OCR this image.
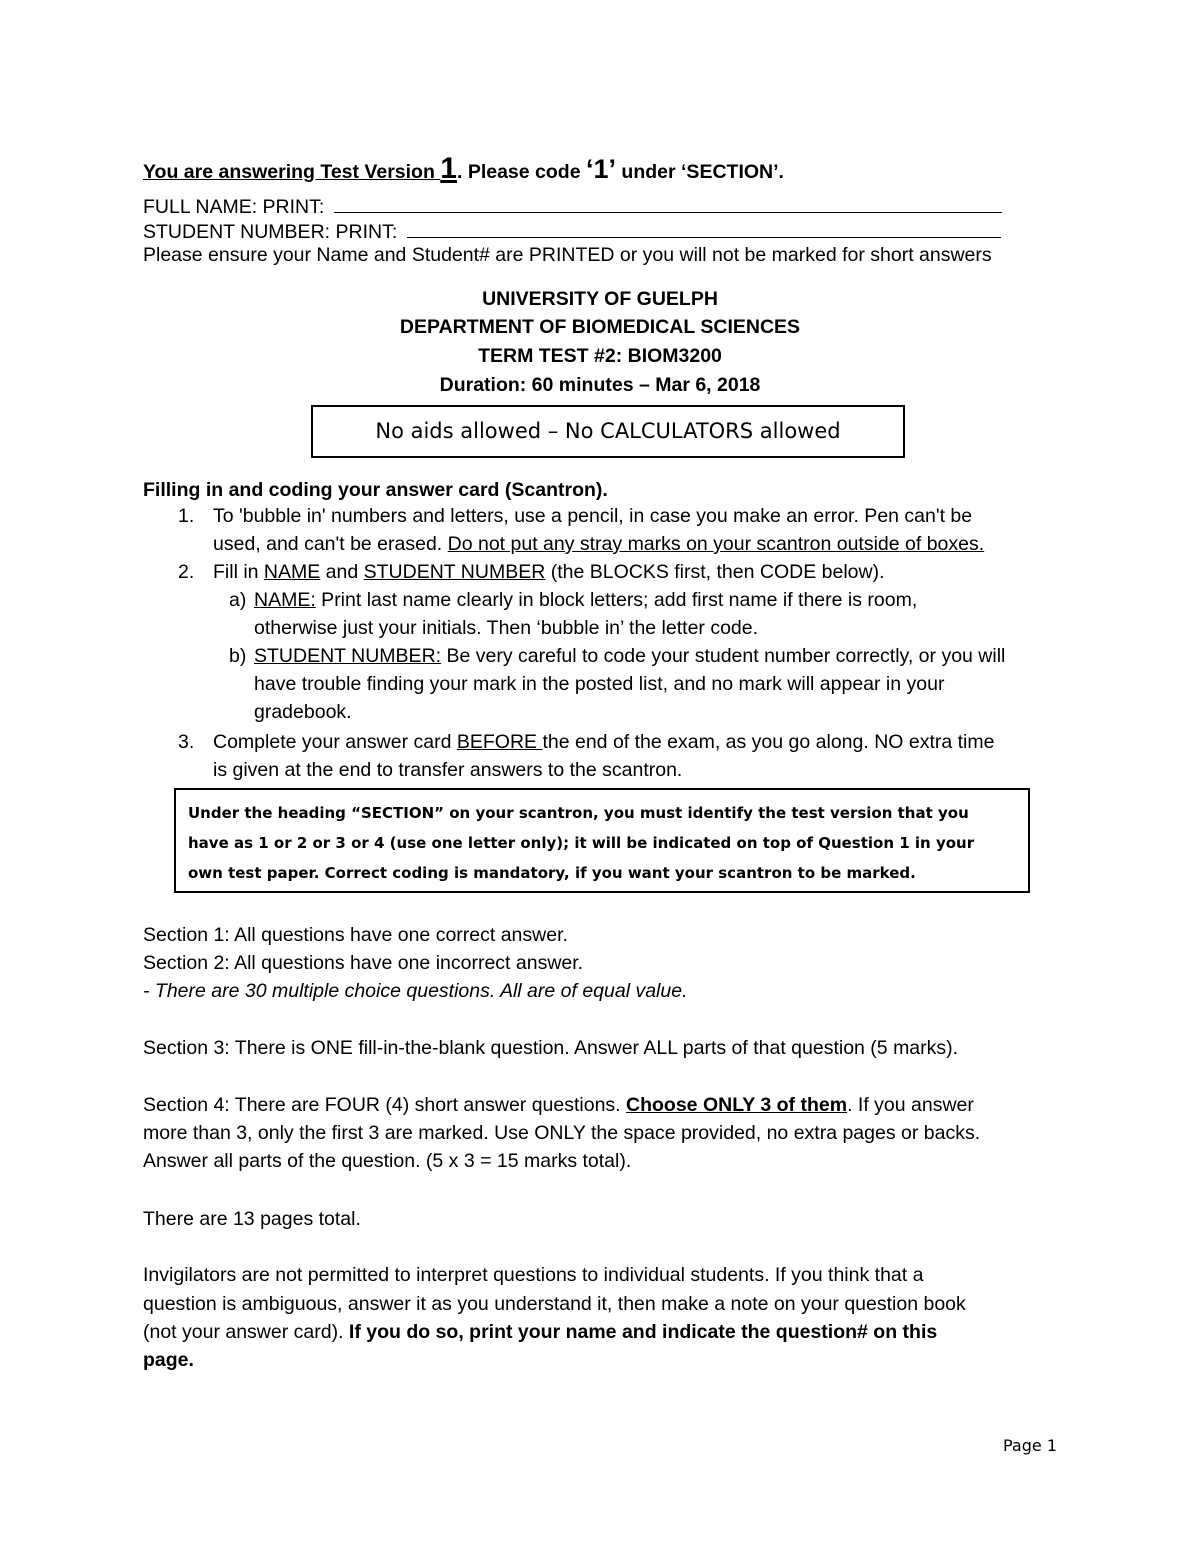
You are answering Test Version 1. Please code ‘1’ under ‘SECTION’.
FULL NAME: PRINT:
STUDENT NUMBER: PRINT:
Please ensure your Name and Student# are PRINTED or you will not be marked for short answers
UNIVERSITY OF GUELPH
DEPARTMENT OF BIOMEDICAL SCIENCES
TERM TEST #2: BIOM3200
Duration: 60 minutes – Mar 6, 2018
No aids allowed – No CALCULATORS allowed
Filling in and coding your answer card (Scantron).
1. To 'bubble in' numbers and letters, use a pencil, in case you make an error. Pen can't be
used, and can't be erased. Do not put any stray marks on your scantron outside of boxes.
2. Fill in NAME and STUDENT NUMBER (the BLOCKS first, then CODE below).
a) NAME: Print last name clearly in block letters; add first name if there is room,
otherwise just your initials. Then ‘bubble in’ the letter code.
b) STUDENT NUMBER: Be very careful to code your student number correctly, or you will
have trouble finding your mark in the posted list, and no mark will appear in your
gradebook.
3. Complete your answer card BEFORE the end of the exam, as you go along. NO extra time
is given at the end to transfer answers to the scantron.
Under the heading “SECTION” on your scantron, you must identify the test version that you
have as 1 or 2 or 3 or 4 (use one letter only); it will be indicated on top of Question 1 in your
own test paper. Correct coding is mandatory, if you want your scantron to be marked.
Section 1: All questions have one correct answer.
Section 2: All questions have one incorrect answer.
- There are 30 multiple choice questions. All are of equal value.
Section 3: There is ONE fill-in-the-blank question. Answer ALL parts of that question (5 marks).
Section 4: There are FOUR (4) short answer questions. Choose ONLY 3 of them. If you answer
more than 3, only the first 3 are marked. Use ONLY the space provided, no extra pages or backs.
Answer all parts of the question. (5 x 3 = 15 marks total).
There are 13 pages total.
Invigilators are not permitted to interpret questions to individual students. If you think that a
question is ambiguous, answer it as you understand it, then make a note on your question book
(not your answer card). If you do so, print your name and indicate the question# on this
page.
Page 1
